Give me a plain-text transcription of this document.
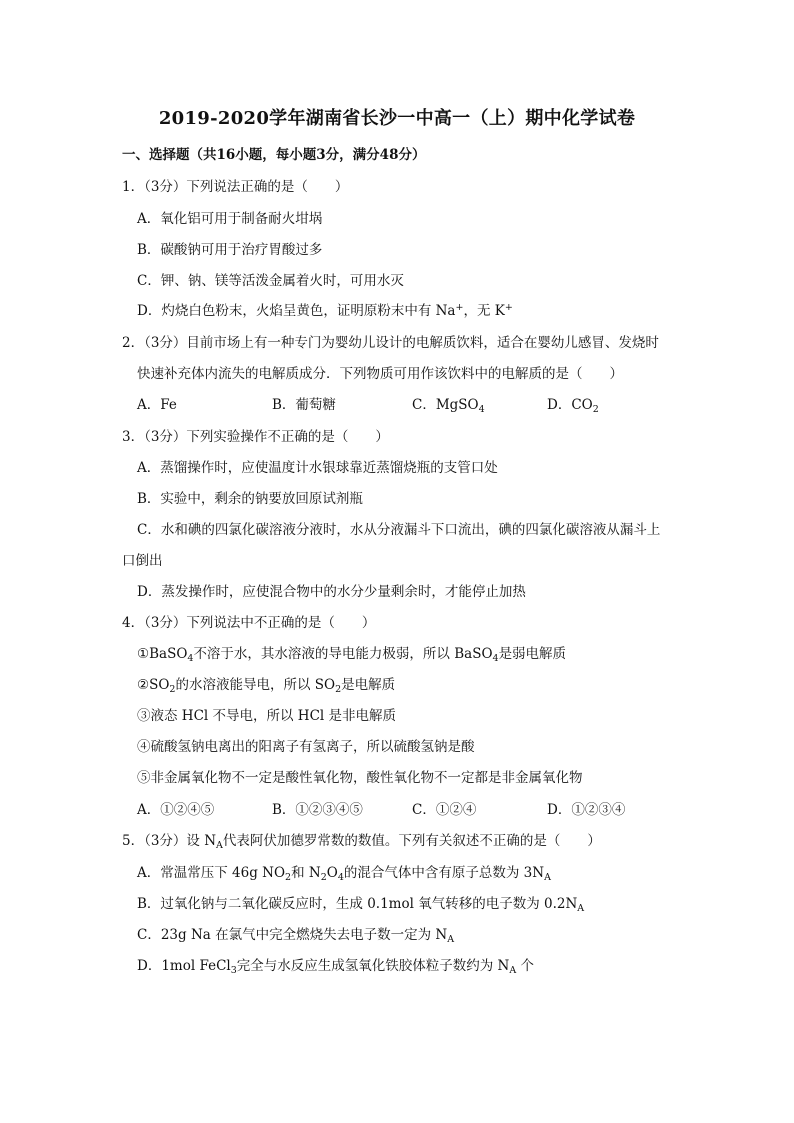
2019-2020学年湖南省长沙一中高一（上）期中化学试卷
一、选择题（共16小题，每小题3分，满分48分）
1．（3分）下列说法正确的是（　　）
A．氧化铝可用于制备耐火坩埚
B．碳酸钠可用于治疗胃酸过多
C．钾、钠、镁等活泼金属着火时，可用水灭
D．灼烧白色粉末，火焰呈黄色，证明原粉末中有 Na+，无 K+
2．（3分）目前市场上有一种专门为婴幼儿设计的电解质饮料，适合在婴幼儿感冒、发烧时
快速补充体内流失的电解质成分．下列物质可用作该饮料中的电解质的是（　　）
A．Fe	B．葡萄糖	C．MgSO$_4$	D．$CO_2$
3．（3分）下列实验操作不正确的是（　　）
A．蒸馏操作时，应使温度计水银球靠近蒸馏烧瓶的支管口处
B．实验中，剩余的钠要放回原试剂瓶
C．水和碘的四氯化碳溶液分液时，水从分液漏斗下口流出，碘的四氯化碳溶液从漏斗上
口倒出
D．蒸发操作时，应使混合物中的水分少量剩余时，才能停止加热
4．（3分）下列说法中不正确的是（　　）
①BaSO$_4$不溶于水，其水溶液的导电能力极弱，所以 BaSO$_4$是弱电解质
$②SO_2$的水溶液能导电，所以 $SO_2$是电解质
③液态 HCl 不导电，所以 HCl 是非电解质
④硫酸氢钠电离出的阳离子有氢离子，所以硫酸氢钠是酸
⑤非金属氧化物不一定是酸性氧化物，酸性氧化物不一定都是非金属氧化物
A．①②④⑤	B．①②③④⑤	C．①②④	D．①②③④
5．（3分）设 $N_A$代表阿伏加德罗常数的数值。下列有关叙述不正确的是（　　）
A．常温常压下 46g $NO_2$和 $N_2O_4$的混合气体中含有原子总数为 $3N_A$
B．过氧化钠与二氧化碳反应时，生成 0.1mol 氧气转移的电子数为 $0.2N_A$
C．23g Na 在氯气中完全燃烧失去电子数一定为 $N_A$
D．1mol FeCl$_3$完全与水反应生成氢氧化铁胶体粒子数约为 $N_A$ 个
